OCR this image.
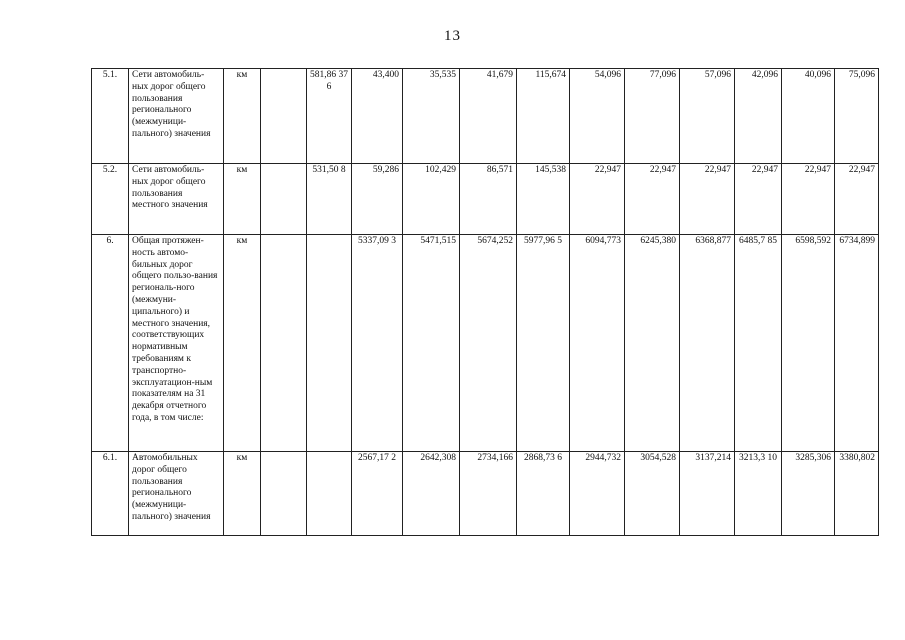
13
5.1.	Сети автомобиль-ных дорог общего пользования регионального (межмуници-пального) значения	км		581,86 376	43,400	35,535	41,679	115,674	54,096	77,096	57,096	42,096	40,096	75,096
5.2.	Сети автомобиль-ных дорог общего пользования местного значения	км		531,50 8	59,286	102,429	86,571	145,538	22,947	22,947	22,947	22,947	22,947	22,947
6.	Общая протяжен-ность автомо-бильных дорог общего пользо-вания региональ-ного (межмуни-ципального) и местного значения, соответствующих нормативным требованиям к транспортно-эксплуатацион-ным показателям на 31 декабря отчетного года, в том числе:	км			5337,09 3	5471,515	5674,252	5977,96 5	6094,773	6245,380	6368,877	6485,7 85	6598,592	6734,899
6.1.	Автомобильных дорог общего пользования регионального (межмуници-пального) значения	км			2567,17 2	2642,308	2734,166	2868,73 6	2944,732	3054,528	3137,214	3213,3 10	3285,306	3380,802
